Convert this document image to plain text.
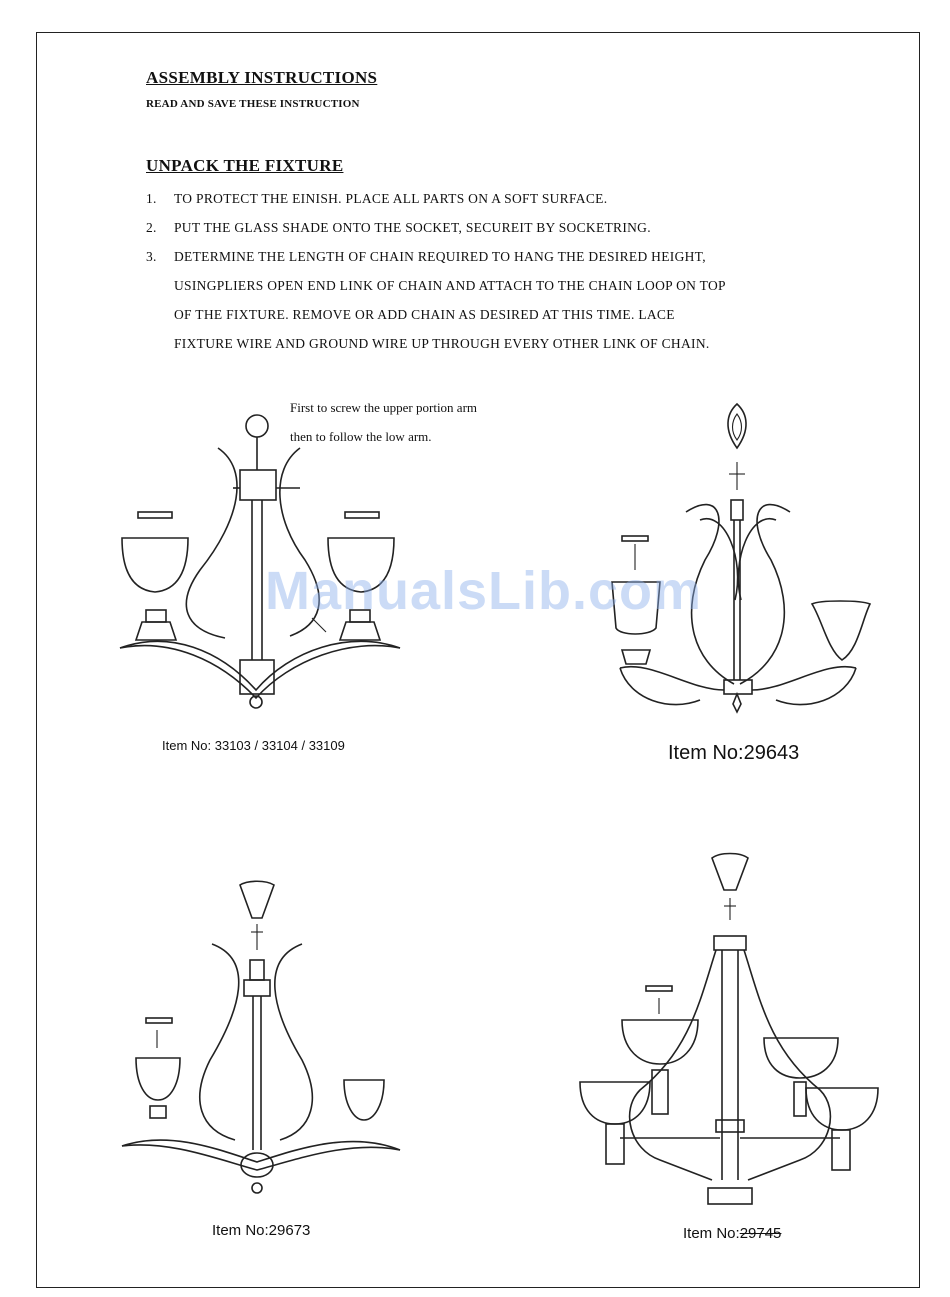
ASSEMBLY INSTRUCTIONS
READ AND SAVE THESE INSTRUCTION
UNPACK THE FIXTURE
1. TO PROTECT THE EINISH. PLACE ALL PARTS ON A SOFT SURFACE.
2. PUT THE GLASS SHADE ONTO THE SOCKET, SECUREIT BY SOCKETRING.
3. DETERMINE THE LENGTH OF CHAIN REQUIRED TO HANG THE DESIRED HEIGHT,
USINGPLIERS OPEN END LINK OF CHAIN AND ATTACH TO THE CHAIN LOOP ON TOP
OF THE FIXTURE. REMOVE OR ADD CHAIN AS DESIRED AT THIS TIME. LACE
FIXTURE WIRE AND GROUND WIRE UP THROUGH EVERY OTHER LINK OF CHAIN.
First to screw the upper portion arm
then to follow the low arm.
ManualsLib.com
Item No: 33103 / 33104 / 33109	Item No:29643
Item No:29673	Item No:29745
